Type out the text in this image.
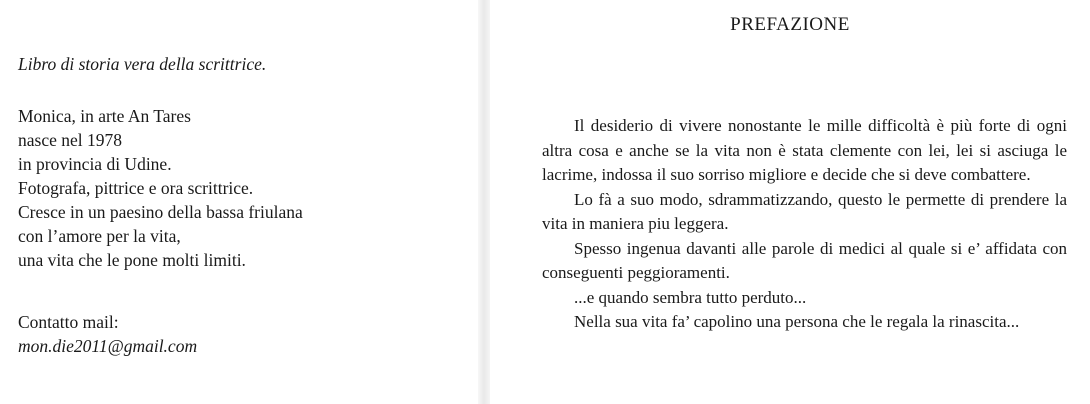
Libro di storia vera della scrittrice.

Monica, in arte An Tares
nasce nel 1978
in provincia di Udine.
Fotografa, pittrice e ora scrittrice.
Cresce in un paesino della bassa friulana
con l’amore per la vita,
una vita che le pone molti limiti.
Contatto mail:
mon.die2011@gmail.com
PREFAZIONE

Il desiderio di vivere nonostante le mille difficoltà è più forte di ogni altra cosa e anche se la vita non è stata clemente con lei, lei si asciuga le lacrime, indossa il suo sorriso migliore e decide che si deve combattere.

Lo fà a suo modo, sdrammatizzando, questo le permette di prendere la vita in maniera piu leggera.

Spesso ingenua davanti alle parole di medici al quale si e’ affidata con conseguenti peggioramenti.

...e quando sembra tutto perduto...

Nella sua vita fa’ capolino una persona che le regala la rinascita...
